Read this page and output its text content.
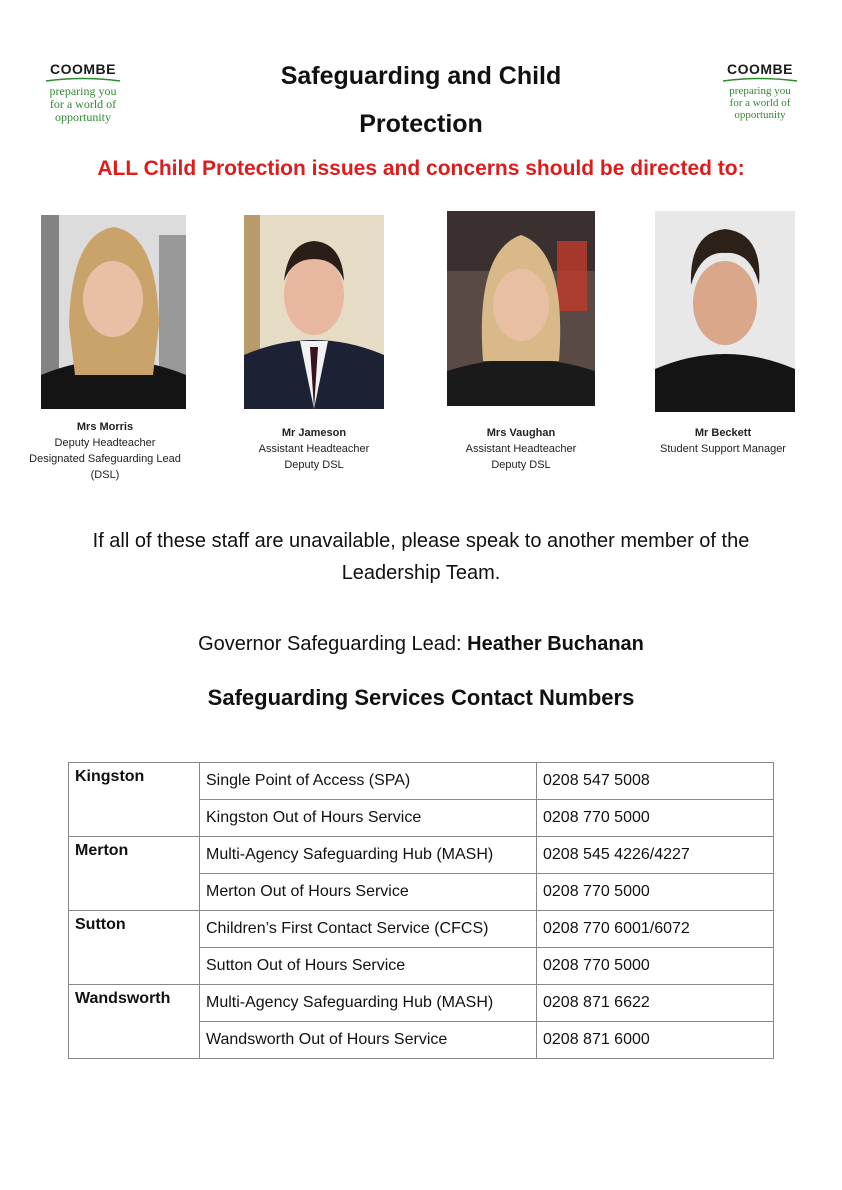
COOMBE
preparing you
for a world of
opportunity
COOMBE
preparing you
for a world of
opportunity
Safeguarding and Child
Protection
ALL Child Protection issues and concerns should be directed to:
Mrs Morris
Deputy Headteacher
Designated Safeguarding Lead
(DSL)
Mr Jameson
Assistant Headteacher
Deputy DSL
Mrs Vaughan
Assistant Headteacher
Deputy DSL
Mr Beckett
Student Support Manager
If all of these staff are unavailable, please speak to another member of the
Leadership Team.
Governor Safeguarding Lead: Heather Buchanan
Safeguarding Services Contact Numbers
Kingston	Single Point of Access (SPA)	0208 547 5008
	Kingston Out of Hours Service	0208 770 5000
Merton	Multi-Agency Safeguarding Hub (MASH)	0208 545 4226/4227
	Merton Out of Hours Service	0208 770 5000
Sutton	Children’s First Contact Service (CFCS)	0208 770 6001/6072
	Sutton Out of Hours Service	0208 770 5000
Wandsworth	Multi-Agency Safeguarding Hub (MASH)	0208 871 6622
	Wandsworth Out of Hours Service	0208 871 6000
